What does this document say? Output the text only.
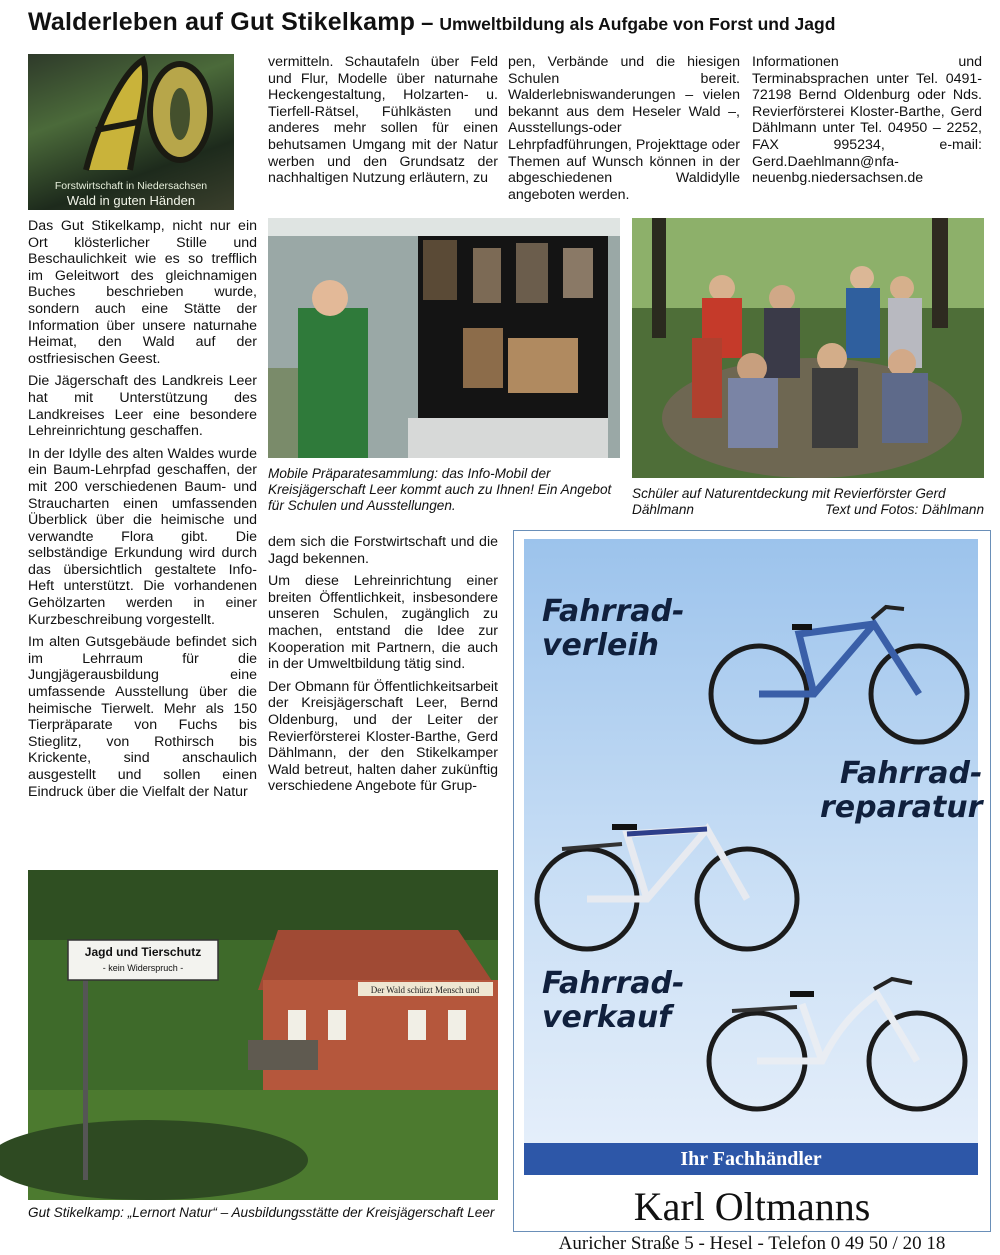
Walderleben auf Gut Stikelkamp – Umweltbildung als Aufgabe von Forst und Jagd
Forstwirtschaft in Niedersachsen
Wald in guten Händen

Das Gut Stikelkamp, nicht nur ein Ort klösterlicher Stille und Beschaulichkeit wie es so trefflich im Geleitwort des gleichnamigen Buches beschrieben wurde, sondern auch eine Stätte der Information über unsere naturnahe Heimat, den Wald auf der ostfriesischen Geest.

Die Jägerschaft des Landkreis Leer hat mit Unterstützung des Landkreises Leer eine besondere Lehreinrichtung geschaffen.

In der Idylle des alten Waldes wurde ein Baum-Lehrpfad geschaffen, der mit 200 verschiedenen Baum- und Straucharten einen umfassenden Überblick über die heimische und verwandte Flora gibt. Die selbständige Erkundung wird durch das übersichtlich gestaltete Info-Heft unterstützt. Die vorhandenen Gehölzarten werden in einer Kurzbeschreibung vorgestellt.

Im alten Gutsgebäude befindet sich im Lehrraum für die Jungjägerausbildung eine umfassende Ausstellung über die heimische Tierwelt. Mehr als 150 Tierpräparate von Fuchs bis Stieglitz, von Rothirsch bis Krickente, sind anschaulich ausgestellt und sollen einen Eindruck über die Vielfalt der Natur

vermitteln. Schautafeln über Feld und Flur, Modelle über naturnahe Heckengestaltung, Holzarten- u. Tierfell-Rätsel, Fühlkästen und anderes mehr sollen für einen behutsamen Umgang mit der Natur werben und den Grundsatz der nachhaltigen Nutzung erläutern, zu

pen, Verbände und die hiesigen Schulen bereit. Walderlebniswanderungen – vielen bekannt aus dem Heseler Wald –, Ausstellungs-oder Lehrpfadführungen, Projekttage oder Themen auf Wunsch können in der abgeschiedenen Waldidylle angeboten werden.

Informationen und Terminabsprachen unter Tel. 0491-72198 Bernd Oldenburg oder Nds. Revierförsterei Kloster-Barthe, Gerd Dählmann unter Tel. 04950 – 2252, FAX 995234, e-mail: Gerd.Daehlmann@nfa-neuenbg.niedersachsen.de

Mobile Präparatesammlung: das Info-Mobil der Kreisjägerschaft Leer kommt auch zu Ihnen! Ein Angebot für Schulen und Ausstellungen.
Schüler auf Naturentdeckung mit Revierförster Gerd Dählmann	Text und Fotos: Dählmann

dem sich die Forstwirtschaft und die Jagd bekennen.

Um diese Lehreinrichtung einer breiten Öffentlichkeit, insbesondere unseren Schulen, zugänglich zu machen, entstand die Idee zur Kooperation mit Partnern, die auch in der Umweltbildung tätig sind.

Der Obmann für Öffentlichkeitsarbeit der Kreisjägerschaft Leer, Bernd Oldenburg, und der Leiter der Revierförsterei Kloster-Barthe, Gerd Dählmann, der den Stikelkamper Wald betreut, halten daher zukünftig verschiedene Angebote für Grup-

Jagd und Tierschutz
- kein Widerspruch -
Der Wald schützt Mensch und
Gut Stikelkamp: „Lernort Natur“ – Ausbildungsstätte der Kreisjägerschaft Leer
Fahrrad-
verleih
Fahrrad-
reparatur
Fahrrad-
verkauf
Ihr Fachhändler
Karl Oltmanns
Auricher Straße 5 - Hesel - Telefon 0 49 50 / 20 18
